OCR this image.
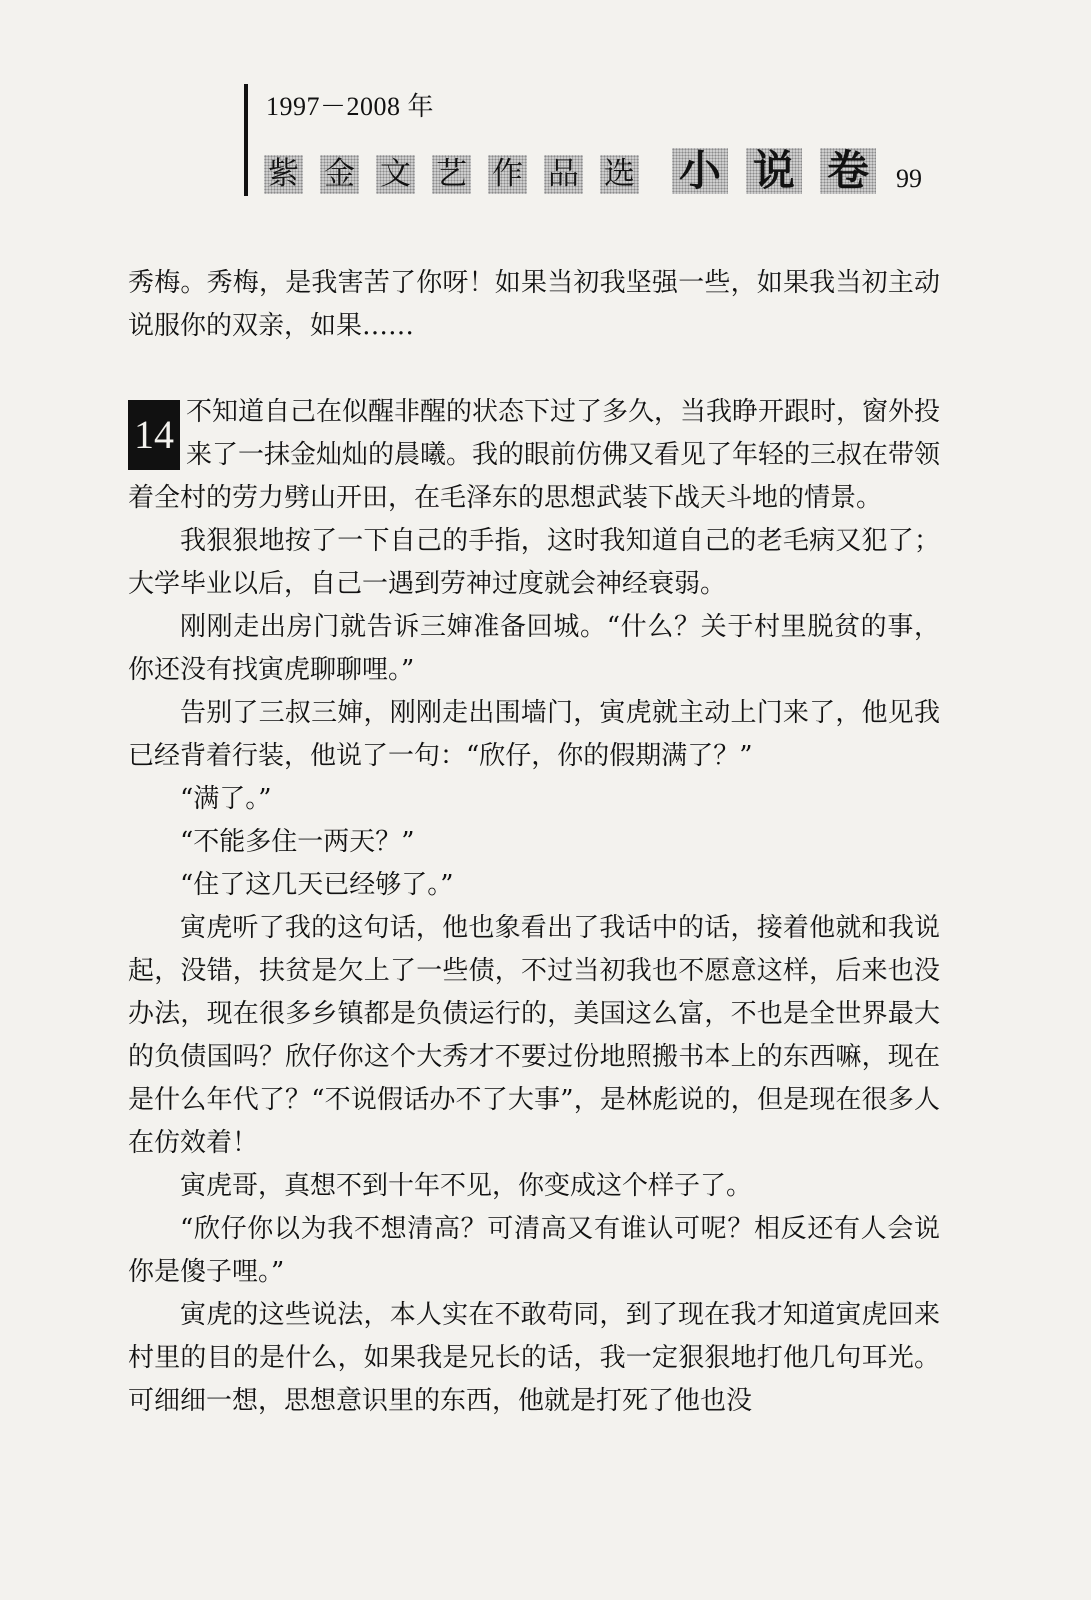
1997－2008 年
紫 金 文 艺 作 品 选 小 说 卷 99

秀梅。秀梅，是我害苦了你呀！如果当初我坚强一些，如果我当初主动说服你的双亲，如果……

14 不知道自己在似醒非醒的状态下过了多久，当我睁开跟时，窗外投来了一抹金灿灿的晨曦。我的眼前仿佛又看见了年轻的三叔在带领着全村的劳力劈山开田，在毛泽东的思想武装下战天斗地的情景。

我狠狠地按了一下自己的手指，这时我知道自己的老毛病又犯了；大学毕业以后，自己一遇到劳神过度就会神经衰弱。

刚刚走出房门就告诉三婶准备回城。“什么？关于村里脱贫的事，你还没有找寅虎聊聊哩。”

告别了三叔三婶，刚刚走出围墙门，寅虎就主动上门来了，他见我已经背着行装，他说了一句：“欣仔，你的假期满了？”

“满了。”

“不能多住一两天？”

“住了这几天已经够了。”

寅虎听了我的这句话，他也象看出了我话中的话，接着他就和我说起，没错，扶贫是欠上了一些债，不过当初我也不愿意这样，后来也没办法，现在很多乡镇都是负债运行的，美国这么富，不也是全世界最大的负债国吗？欣仔你这个大秀才不要过份地照搬书本上的东西嘛，现在是什么年代了？“不说假话办不了大事”，是林彪说的，但是现在很多人在仿效着！

寅虎哥，真想不到十年不见，你变成这个样子了。

“欣仔你以为我不想清高？可清高又有谁认可呢？相反还有人会说你是傻子哩。”

寅虎的这些说法，本人实在不敢苟同，到了现在我才知道寅虎回来村里的目的是什么，如果我是兄长的话，我一定狠狠地打他几句耳光。可细细一想，思想意识里的东西，他就是打死了他也没
